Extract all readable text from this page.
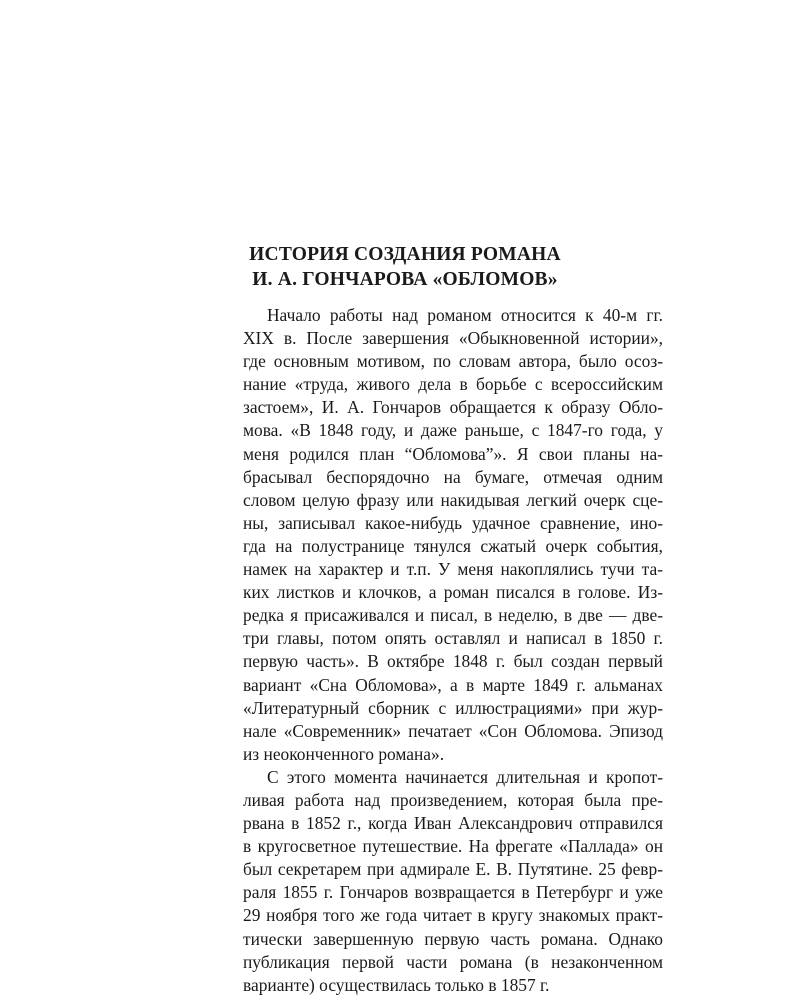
ИСТОРИЯ СОЗДАНИЯ РОМАНА
И. А. ГОНЧАРОВА «ОБЛОМОВ»
Начало работы над романом относится к 40-м гг.
XIX в. После завершения «Обыкновенной истории»,
где основным мотивом, по словам автора, было осоз-
нание «труда, живого дела в борьбе с всероссийским
застоем», И. А. Гончаров обращается к образу Обло-
мова. «В 1848 году, и даже раньше, с 1847-го года, у
меня родился план “Обломова”». Я свои планы на-
брасывал беспорядочно на бумаге, отмечая одним
словом целую фразу или накидывая легкий очерк сце-
ны, записывал какое-нибудь удачное сравнение, ино-
гда на полустранице тянулся сжатый очерк события,
намек на характер и т.п. У меня накоплялись тучи та-
ких листков и клочков, а роман писался в голове. Из-
редка я присаживался и писал, в неделю, в две — две-
три главы, потом опять оставлял и написал в 1850 г.
первую часть». В октябре 1848 г. был создан первый
вариант «Сна Обломова», а в марте 1849 г. альманах
«Литературный сборник с иллюстрациями» при жур-
нале «Современник» печатает «Сон Обломова. Эпизод
из неоконченного романа».
С этого момента начинается длительная и кропот-
ливая работа над произведением, которая была пре-
рвана в 1852 г., когда Иван Александрович отправился
в кругосветное путешествие. На фрегате «Паллада» он
был секретарем при адмирале Е. В. Путятине. 25 февр-
раля 1855 г. Гончаров возвращается в Петербург и уже
29 ноября того же года читает в кругу знакомых практ-
тически завершенную первую часть романа. Однако
публикация первой части романа (в незаконченном
варианте) осуществилась только в 1857 г.
